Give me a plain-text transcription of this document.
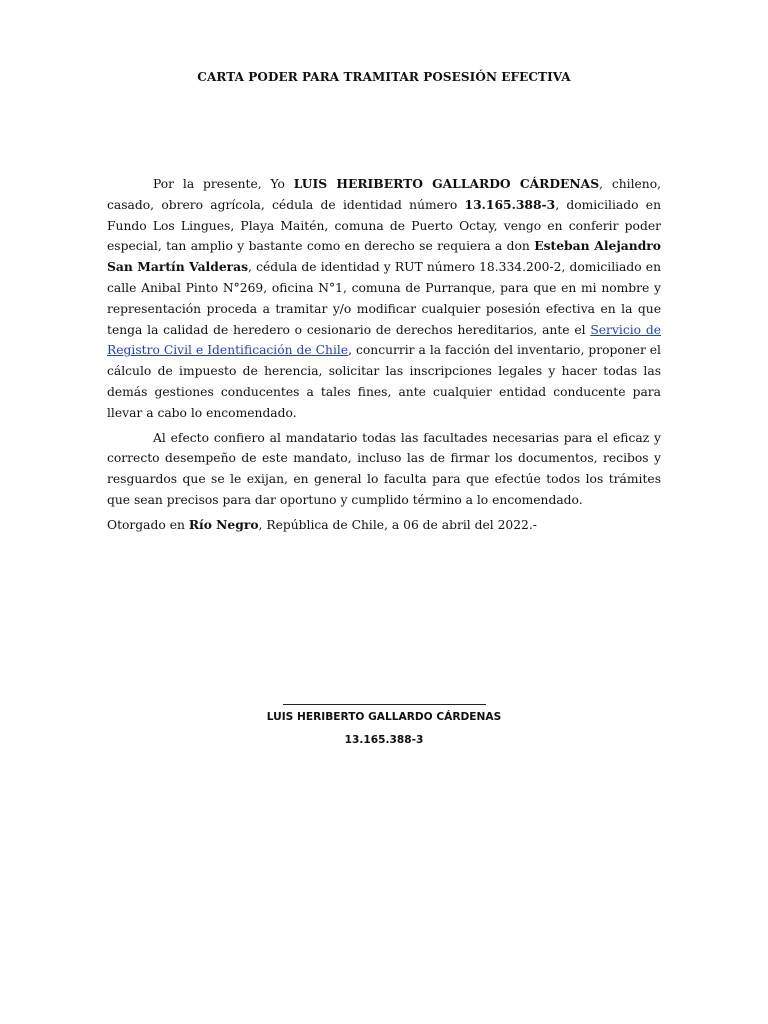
CARTA PODER PARA TRAMITAR POSESIÓN EFECTIVA

Por la presente, Yo LUIS HERIBERTO GALLARDO CÁRDENAS, chileno, casado, obrero agrícola, cédula de identidad número 13.165.388-3, domiciliado en Fundo Los Lingues, Playa Maitén, comuna de Puerto Octay, vengo en conferir poder especial, tan amplio y bastante como en derecho se requiera a don Esteban Alejandro San Martín Valderas, cédula de identidad y RUT número 18.334.200-2, domiciliado en calle Anibal Pinto N°269, oficina N°1, comuna de Purranque, para que en mi nombre y representación proceda a tramitar y/o modificar cualquier posesión efectiva en la que tenga la calidad de heredero o cesionario de derechos hereditarios, ante el Servicio de Registro Civil e Identificación de Chile, concurrir a la facción del inventario, proponer el cálculo de impuesto de herencia, solicitar las inscripciones legales y hacer todas las demás gestiones conducentes a tales fines, ante cualquier entidad conducente para llevar a cabo lo encomendado.

Al efecto confiero al mandatario todas las facultades necesarias para el eficaz y correcto desempeño de este mandato, incluso las de firmar los documentos, recibos y resguardos que se le exijan, en general lo faculta para que efectúe todos los trámites que sean precisos para dar oportuno y cumplido término a lo encomendado.

Otorgado en Río Negro, República de Chile, a 06 de abril del 2022.-

LUIS HERIBERTO GALLARDO CÁRDENAS
13.165.388-3
